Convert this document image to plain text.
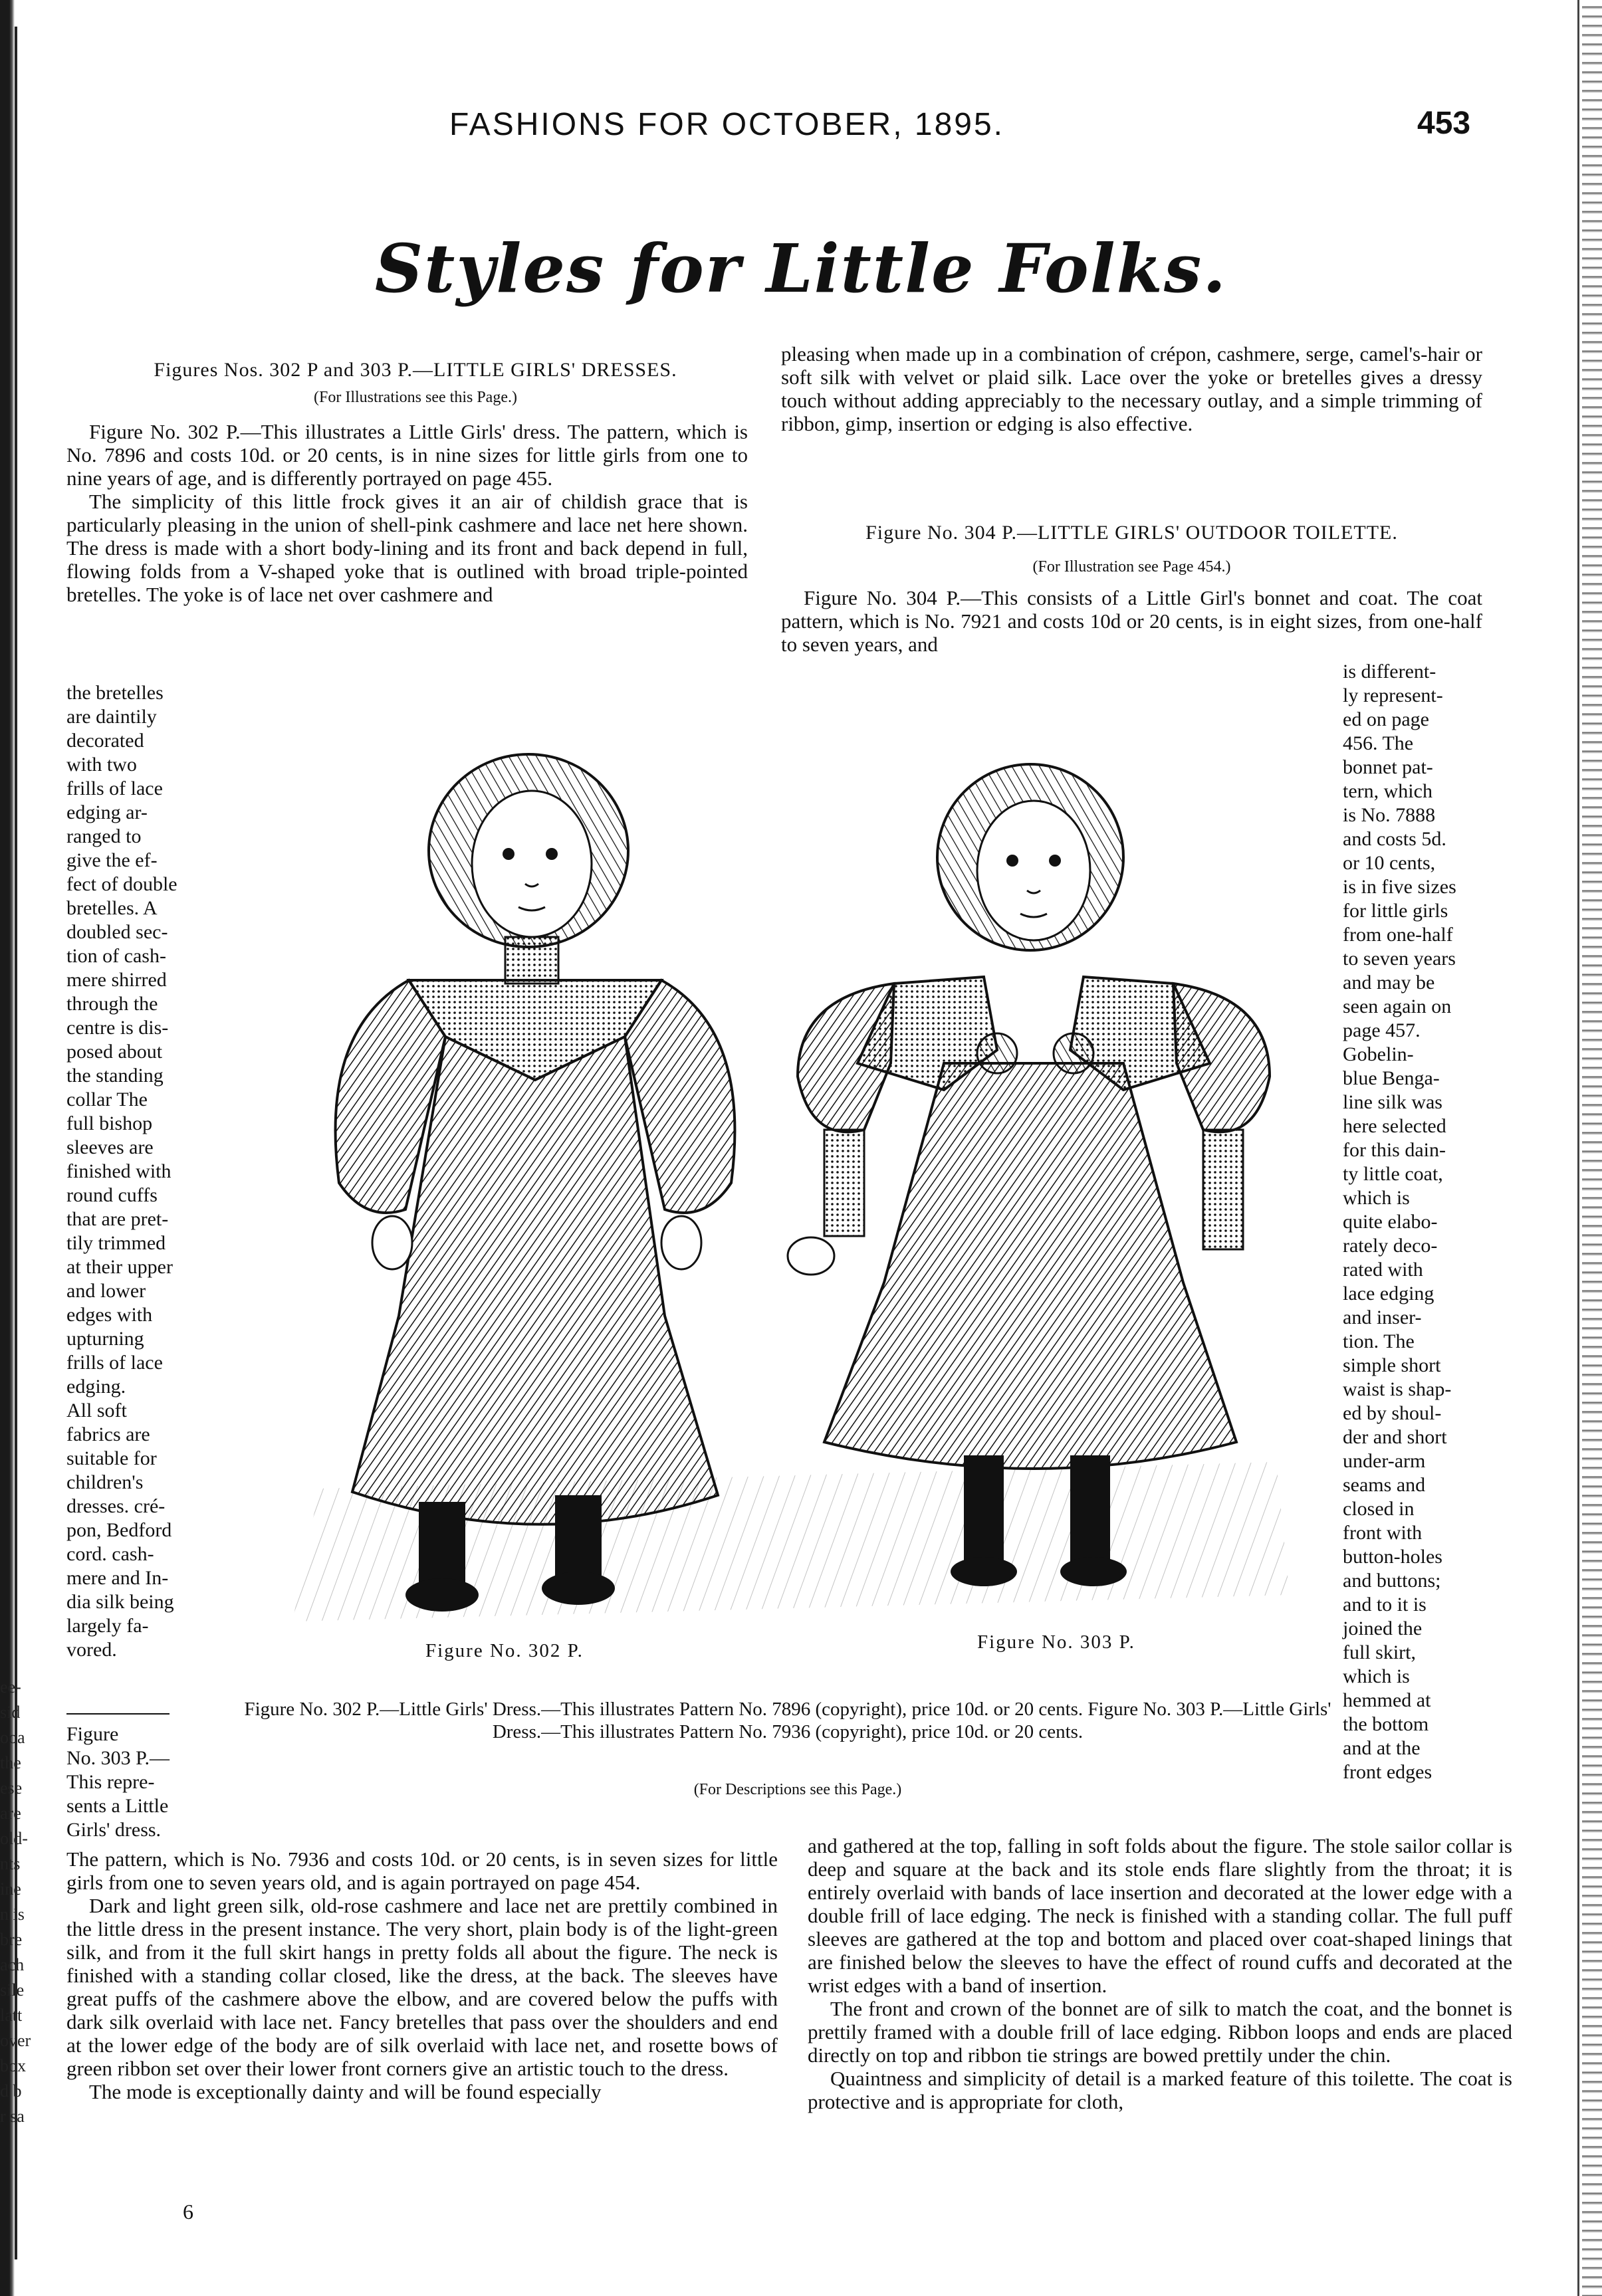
ee-
sid
ooa
the
ese
are
old-
nts
ine
n is
bre
ach
sile
latt
over
box
d b
r sa
FASHIONS FOR OCTOBER, 1895.	453
Styles for Little Folks.
Figures Nos. 302 P and 303 P.—LITTLE GIRLS' DRESSES.
(For Illustrations see this Page.)

Figure No. 302 P.—This illustrates a Little Girls' dress. The pattern, which is No. 7896 and costs 10d. or 20 cents, is in nine sizes for little girls from one to nine years of age, and is differently portrayed on page 455.

The simplicity of this little frock gives it an air of childish grace that is particularly pleasing in the union of shell-pink cashmere and lace net here shown. The dress is made with a short body-lining and its front and back depend in full, flowing folds from a V-shaped yoke that is outlined with broad triple-pointed bretelles. The yoke is of lace net over cashmere and

the bretelles
are daintily
decorated
with two
frills of lace
edging ar-
ranged to
give the ef-
fect of double
bretelles. A
doubled sec-
tion of cash-
mere shirred
through the
centre is dis-
posed about
the standing
collar The
full bishop
sleeves are
finished with
round cuffs
that are pret-
tily trimmed
at their upper
and lower
edges with
upturning
frills of lace
edging.
All soft
fabrics are
suitable for
children's
dresses. cré-
pon, Bedford
cord. cash-
mere and In-
dia silk being
largely fa-
vored.
Figure
No. 303 P.—
This repre-
sents a Little
Girls' dress.

The pattern, which is No. 7936 and costs 10d. or 20 cents, is in seven sizes for little girls from one to seven years old, and is again portrayed on page 454.

Dark and light green silk, old-rose cashmere and lace net are prettily combined in the little dress in the present instance. The very short, plain body is of the light-green silk, and from it the full skirt hangs in pretty folds all about the figure. The neck is finished with a standing collar closed, like the dress, at the back. The sleeves have great puffs of the cashmere above the elbow, and are covered below the puffs with dark silk overlaid with lace net. Fancy bretelles that pass over the shoulders and end at the lower edge of the body are of silk overlaid with lace net, and rosette bows of green ribbon set over their lower front corners give an artistic touch to the dress.

The mode is exceptionally dainty and will be found especially

pleasing when made up in a combination of crépon, cashmere, serge, camel's-hair or soft silk with velvet or plaid silk. Lace over the yoke or bretelles gives a dressy touch without adding appreciably to the necessary outlay, and a simple trimming of ribbon, gimp, insertion or edging is also effective.

Figure No. 304 P.—LITTLE GIRLS' OUTDOOR TOILETTE.
(For Illustration see Page 454.)

Figure No. 304 P.—This consists of a Little Girl's bonnet and coat. The coat pattern, which is No. 7921 and costs 10d or 20 cents, is in eight sizes, from one-half to seven years, and

is different-
ly represent-
ed on page
456. The
bonnet pat-
tern, which
is No. 7888
and costs 5d.
or 10 cents,
is in five sizes
for little girls
from one-half
to seven years
and may be
seen again on
page 457.
Gobelin-
blue Benga-
line silk was
here selected
for this dain-
ty little coat,
which is
quite elabo-
rately deco-
rated with
lace edging
and inser-
tion. The
simple short
waist is shap-
ed by shoul-
der and short
under-arm
seams and
closed in
front with
button-holes
and buttons;
and to it is
joined the
full skirt,
which is
hemmed at
the bottom
and at the
front edges

and gathered at the top, falling in soft folds about the figure. The stole sailor collar is deep and square at the back and its stole ends flare slightly from the throat; it is entirely overlaid with bands of lace insertion and decorated at the lower edge with a double frill of lace edging. The neck is finished with a standing collar. The full puff sleeves are gathered at the top and bottom and placed over coat-shaped linings that are finished below the sleeves to have the effect of round cuffs and decorated at the wrist edges with a band of insertion.

The front and crown of the bonnet are of silk to match the coat, and the bonnet is prettily framed with a double frill of lace edging. Ribbon loops and ends are placed directly on top and ribbon tie strings are bowed prettily under the chin.

Quaintness and simplicity of detail is a marked feature of this toilette. The coat is protective and is appropriate for cloth,

Figure No. 302 P.	Figure No. 303 P.
Figure No. 302 P.—Little Girls' Dress.—This illustrates Pattern No. 7896 (copyright), price 10d. or 20 cents. Figure No. 303 P.—Little Girls' Dress.—This illustrates Pattern No. 7936 (copyright), price 10d. or 20 cents.
(For Descriptions see this Page.)
6
